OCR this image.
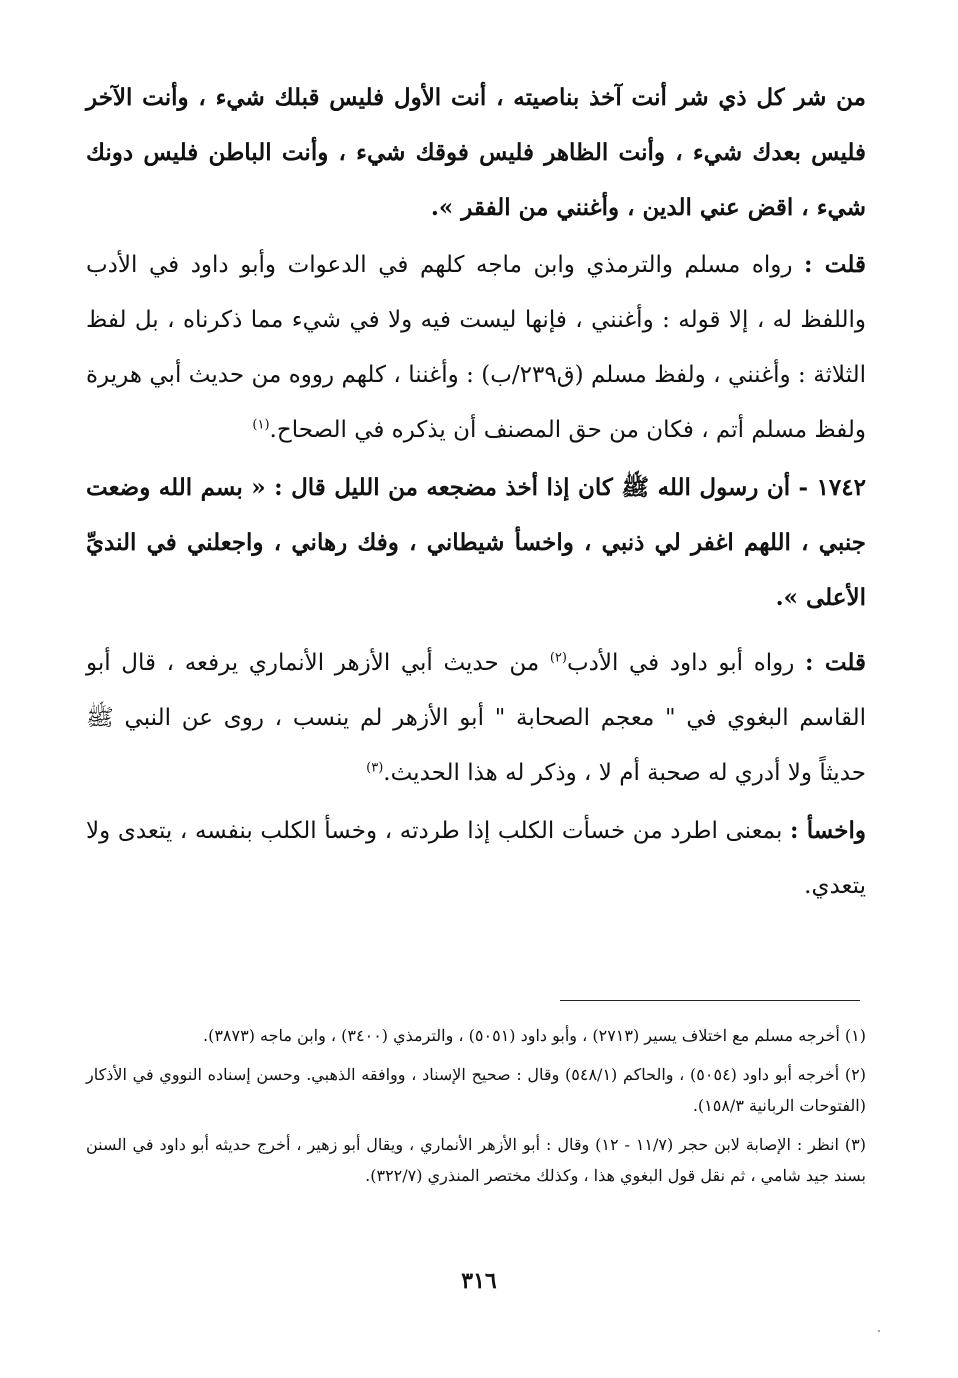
من شر كل ذي شر أنت آخذ بناصيته ، أنت الأول فليس قبلك شيء ، وأنت الآخر فليس بعدك شيء ، وأنت الظاهر فليس فوقك شيء ، وأنت الباطن فليس دونك شيء ، اقض عني الدين ، وأغنني من الفقر ».

قلت : رواه مسلم والترمذي وابن ماجه كلهم في الدعوات وأبو داود في الأدب واللفظ له ، إلا قوله : وأغنني ، فإنها ليست فيه ولا في شيء مما ذكرناه ، بل لفظ الثلاثة : وأغنني ، ولفظ مسلم (ق٢٣٩/ب) : وأغننا ، كلهم رووه من حديث أبي هريرة ولفظ مسلم أتم ، فكان من حق المصنف أن يذكره في الصحاح.$^{(١)}$

١٧٤٢ - أن رسول الله ﷺ كان إذا أخذ مضجعه من الليل قال : « بسم الله وضعت جنبي ، اللهم اغفر لي ذنبي ، واخسأ شيطاني ، وفك رهاني ، واجعلني في النديِّ الأعلى ».

قلت : رواه أبو داود في الأدب$^{(٢)}$ من حديث أبي الأزهر الأنماري يرفعه ، قال أبو القاسم البغوي في " معجم الصحابة " أبو الأزهر لم ينسب ، روى عن النبي ﷺ حديثاً ولا أدري له صحبة أم لا ، وذكر له هذا الحديث.$^{(٣)}$

واخسأ : بمعنى اطرد من خسأت الكلب إذا طردته ، وخسأ الكلب بنفسه ، يتعدى ولا يتعدي.

(١) أخرجه مسلم مع اختلاف يسير (٢٧١٣) ، وأبو داود (٥٠٥١) ، والترمذي (٣٤٠٠) ، وابن ماجه (٣٨٧٣).

(٢) أخرجه أبو داود (٥٠٥٤) ، والحاكم (٥٤٨/١) وقال : صحيح الإسناد ، ووافقه الذهبي. وحسن إسناده النووي في الأذكار (الفتوحات الربانية ١٥٨/٣).

(٣) انظر : الإصابة لابن حجر (١١/٧ - ١٢) وقال : أبو الأزهر الأنماري ، ويقال أبو زهير ، أخرج حديثه أبو داود في السنن بسند جيد شامي ، ثم نقل قول البغوي هذا ، وكذلك مختصر المنذري (٣٢٢/٧).

٣١٦
